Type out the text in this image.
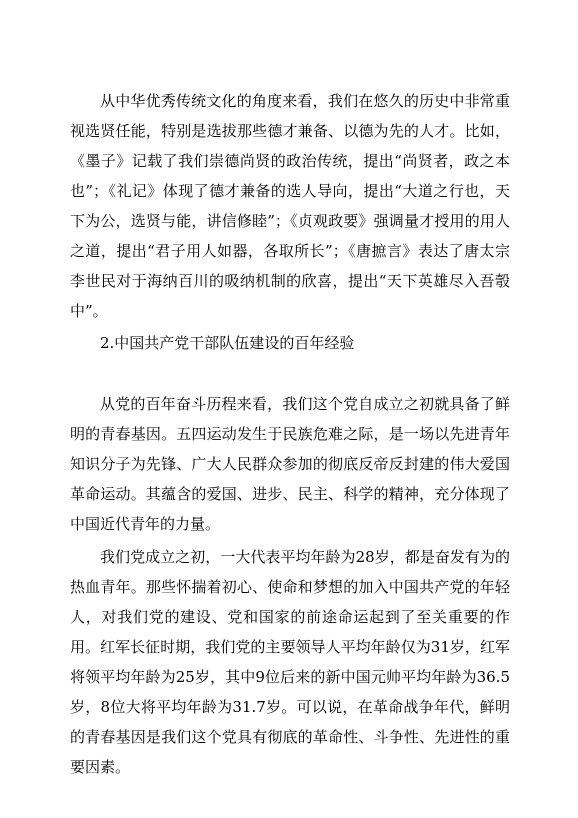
从中华优秀传统文化的角度来看，我们在悠久的历史中非常重视选贤任能，特别是选拔那些德才兼备、以德为先的人才。比如，《墨子》记载了我们崇德尚贤的政治传统，提出“尚贤者，政之本也”；《礼记》体现了德才兼备的选人导向，提出“大道之行也，天下为公，选贤与能，讲信修睦”；《贞观政要》强调量才授用的用人之道，提出“君子用人如器，各取所长”；《唐摭言》表达了唐太宗李世民对于海纳百川的吸纳机制的欣喜，提出“天下英雄尽入吾彀中”。

2.中国共产党干部队伍建设的百年经验

从党的百年奋斗历程来看，我们这个党自成立之初就具备了鲜明的青春基因。五四运动发生于民族危难之际，是一场以先进青年知识分子为先锋、广大人民群众参加的彻底反帝反封建的伟大爱国革命运动。其蕴含的爱国、进步、民主、科学的精神，充分体现了中国近代青年的力量。

我们党成立之初，一大代表平均年龄为28岁，都是奋发有为的热血青年。那些怀揣着初心、使命和梦想的加入中国共产党的年轻人，对我们党的建设、党和国家的前途命运起到了至关重要的作用。红军长征时期，我们党的主要领导人平均年龄仅为31岁，红军将领平均年龄为25岁，其中9位后来的新中国元帅平均年龄为36.5岁，8位大将平均年龄为31.7岁。可以说，在革命战争年代，鲜明的青春基因是我们这个党具有彻底的革命性、斗争性、先进性的重要因素。
